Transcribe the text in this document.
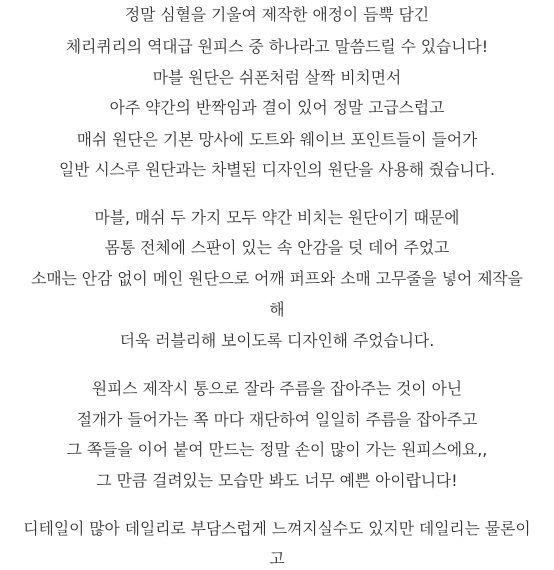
정말 심혈을 기울여 제작한 애정이 듬뿍 담긴
체리퀴리의 역대급 원피스 중 하나라고 말씀드릴 수 있습니다!
마블 원단은 쉬폰처럼 살짝 비치면서
아주 약간의 반짝임과 결이 있어 정말 고급스럽고
매쉬 원단은 기본 망사에 도트와 웨이브 포인트들이 들어가
일반 시스루 원단과는 차별된 디자인의 원단을 사용해 줬습니다.
마블, 매쉬 두 가지 모두 약간 비치는 원단이기 때문에
몸통 전체에 스판이 있는 속 안감을 덧 데어 주었고
소매는 안감 없이 메인 원단으로 어깨 퍼프와 소매 고무줄을 넣어 제작을
해
더욱 러블리해 보이도록 디자인해 주었습니다.
원피스 제작시 통으로 잘라 주름을 잡아주는 것이 아닌
절개가 들어가는 쪽 마다 재단하여 일일히 주름을 잡아주고
그 쪽들을 이어 붙여 만드는 정말 손이 많이 가는 원피스에요,,
그 만큼 걸려있는 모습만 봐도 너무 예쁜 아이랍니다!
디테일이 많아 데일리로 부담스럽게 느껴지실수도 있지만 데일리는 물론이
고
